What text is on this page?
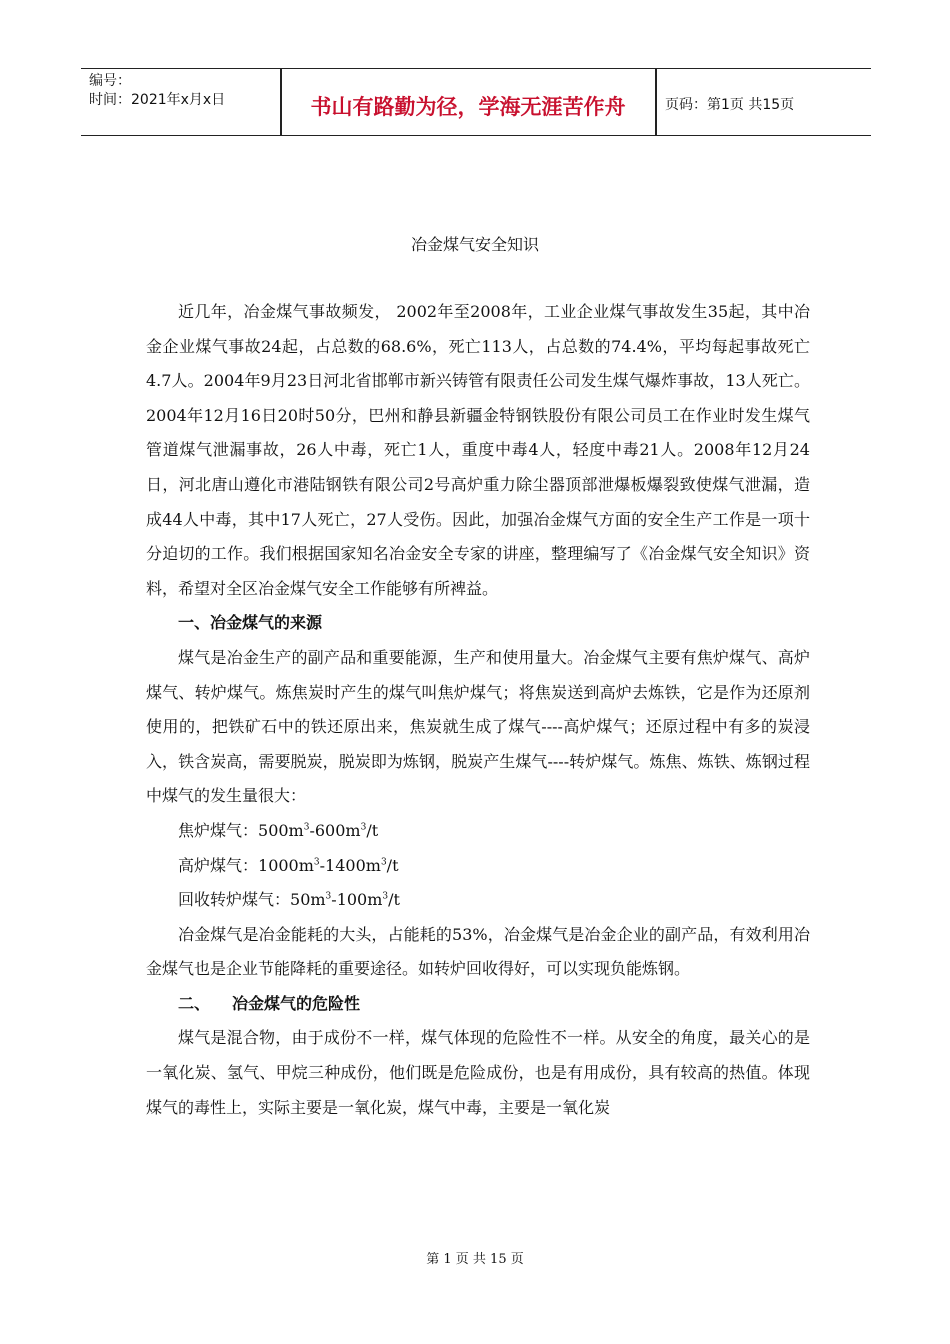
编号：
时间：2021年x月x日	书山有路勤为径，学海无涯苦作舟	页码：第1页 共15页
冶金煤气安全知识

近几年，冶金煤气事故频发， 2002年至2008年，工业企业煤气事故发生35起，其中冶金企业煤气事故24起，占总数的68.6%，死亡113人，占总数的74.4%，平均每起事故死亡4.7人。2004年9月23日河北省邯郸市新兴铸管有限责任公司发生煤气爆炸事故，13人死亡。2004年12月16日20时50分，巴州和静县新疆金特钢铁股份有限公司员工在作业时发生煤气管道煤气泄漏事故，26人中毒，死亡1人，重度中毒4人，轻度中毒21人。2008年12月24日，河北唐山遵化市港陆钢铁有限公司2号高炉重力除尘器顶部泄爆板爆裂致使煤气泄漏，造成44人中毒，其中17人死亡，27人受伤。因此，加强冶金煤气方面的安全生产工作是一项十分迫切的工作。我们根据国家知名冶金安全专家的讲座，整理编写了《冶金煤气安全知识》资料，希望对全区冶金煤气安全工作能够有所裨益。

一、冶金煤气的来源

煤气是冶金生产的副产品和重要能源，生产和使用量大。冶金煤气主要有焦炉煤气、高炉煤气、转炉煤气。炼焦炭时产生的煤气叫焦炉煤气；将焦炭送到高炉去炼铁，它是作为还原剂使用的，把铁矿石中的铁还原出来，焦炭就生成了煤气----高炉煤气；还原过程中有多的炭浸入，铁含炭高，需要脱炭，脱炭即为炼钢，脱炭产生煤气----转炉煤气。炼焦、炼铁、炼钢过程中煤气的发生量很大：

焦炉煤气：$500m^3-600m^3/t$

高炉煤气：$1000m^3-1400m^3/t$

回收转炉煤气：$50m^3-100m^3/t$

冶金煤气是冶金能耗的大头，占能耗的53%，冶金煤气是冶金企业的副产品，有效利用冶金煤气也是企业节能降耗的重要途径。如转炉回收得好，可以实现负能炼钢。

二、 冶金煤气的危险性

煤气是混合物，由于成份不一样，煤气体现的危险性不一样。从安全的角度，最关心的是一氧化炭、氢气、甲烷三种成份，他们既是危险成份，也是有用成份，具有较高的热值。体现煤气的毒性上，实际主要是一氧化炭，煤气中毒，主要是一氧化炭

第 1 页 共 15 页
